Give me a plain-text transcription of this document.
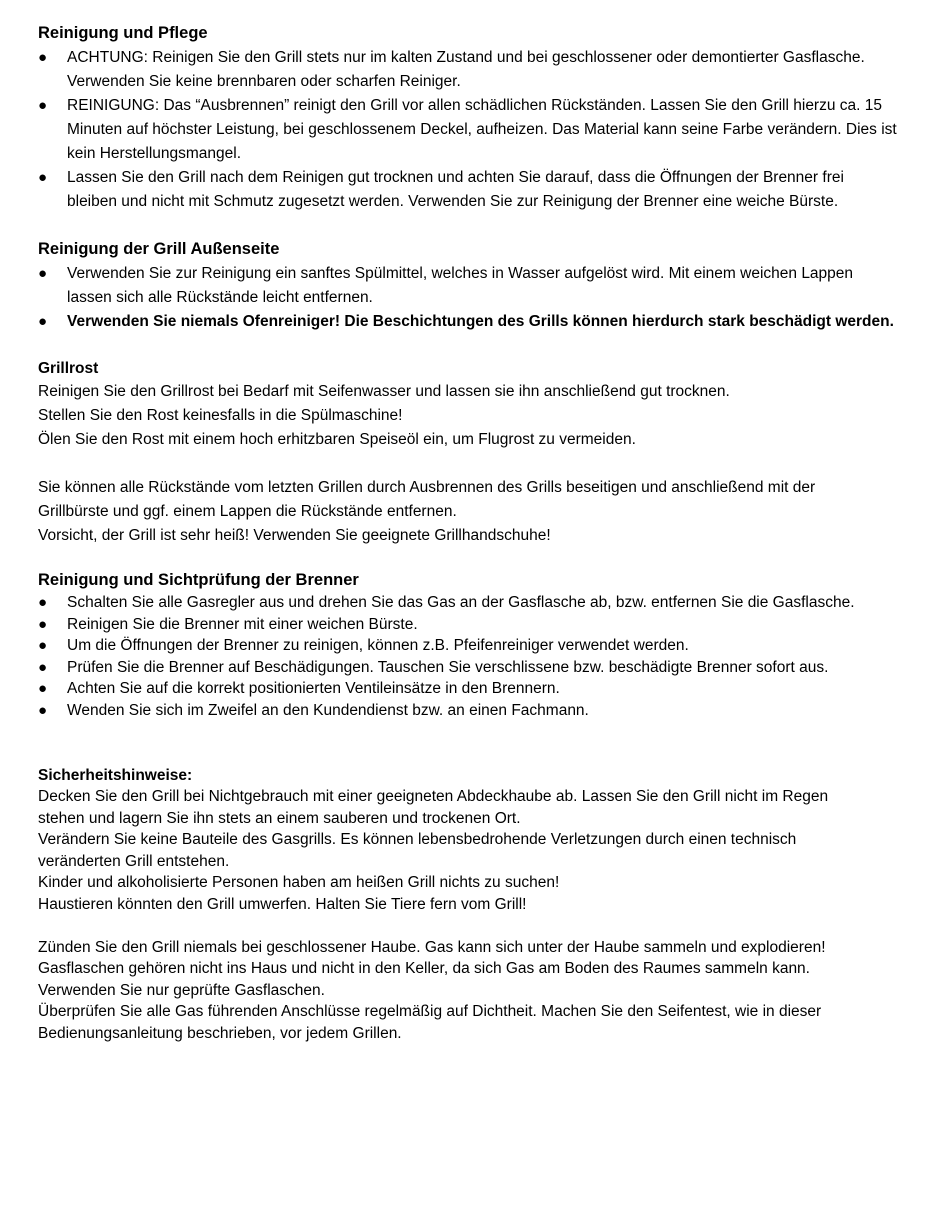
Reinigung und Pflege
●	ACHTUNG: Reinigen Sie den Grill stets nur im kalten Zustand und bei geschlossener oder demontierter Gasflasche. Verwenden Sie keine brennbaren oder scharfen Reiniger.
●	REINIGUNG: Das “Ausbrennen” reinigt den Grill vor allen schädlichen Rückständen. Lassen Sie den Grill hierzu ca. 15 Minuten auf höchster Leistung, bei geschlossenem Deckel, aufheizen. Das Material kann seine Farbe verändern. Dies ist kein Herstellungsmangel.
●	Lassen Sie den Grill nach dem Reinigen gut trocknen und achten Sie darauf, dass die Öffnungen der Brenner frei bleiben und nicht mit Schmutz zugesetzt werden. Verwenden Sie zur Reinigung der Brenner eine weiche Bürste.
Reinigung der Grill Außenseite
●	Verwenden Sie zur Reinigung ein sanftes Spülmittel, welches in Wasser aufgelöst wird. Mit einem weichen Lappen lassen sich alle Rückstände leicht entfernen.
●	Verwenden Sie niemals Ofenreiniger! Die Beschichtungen des Grills können hierdurch stark beschädigt werden.
Grillrost
Reinigen Sie den Grillrost bei Bedarf mit Seifenwasser und lassen sie ihn anschließend gut trocknen.
Stellen Sie den Rost keinesfalls in die Spülmaschine!
Ölen Sie den Rost mit einem hoch erhitzbaren Speiseöl ein, um Flugrost zu vermeiden.
Sie können alle Rückstände vom letzten Grillen durch Ausbrennen des Grills beseitigen und anschließend mit der
Grillbürste und ggf. einem Lappen die Rückstände entfernen.
Vorsicht, der Grill ist sehr heiß! Verwenden Sie geeignete Grillhandschuhe!
Reinigung und Sichtprüfung der Brenner
●	Schalten Sie alle Gasregler aus und drehen Sie das Gas an der Gasflasche ab, bzw. entfernen Sie die Gasflasche.
●	Reinigen Sie die Brenner mit einer weichen Bürste.
●	Um die Öffnungen der Brenner zu reinigen, können z.B. Pfeifenreiniger verwendet werden.
●	Prüfen Sie die Brenner auf Beschädigungen. Tauschen Sie verschlissene bzw. beschädigte Brenner sofort aus.
●	Achten Sie auf die korrekt positionierten Ventileinsätze in den Brennern.
●	Wenden Sie sich im Zweifel an den Kundendienst bzw. an einen Fachmann.
Sicherheitshinweise:
Decken Sie den Grill bei Nichtgebrauch mit einer geeigneten Abdeckhaube ab. Lassen Sie den Grill nicht im Regen stehen und lagern Sie ihn stets an einem sauberen und trockenen Ort.
Verändern Sie keine Bauteile des Gasgrills. Es können lebensbedrohende Verletzungen durch einen technisch veränderten Grill entstehen.
Kinder und alkoholisierte Personen haben am heißen Grill nichts zu suchen!
Haustieren könnten den Grill umwerfen. Halten Sie Tiere fern vom Grill!
Zünden Sie den Grill niemals bei geschlossener Haube. Gas kann sich unter der Haube sammeln und explodieren!
Gasflaschen gehören nicht ins Haus und nicht in den Keller, da sich Gas am Boden des Raumes sammeln kann.
Verwenden Sie nur geprüfte Gasflaschen.
Überprüfen Sie alle Gas führenden Anschlüsse regelmäßig auf Dichtheit. Machen Sie den Seifentest, wie in dieser Bedienungsanleitung beschrieben, vor jedem Grillen.
